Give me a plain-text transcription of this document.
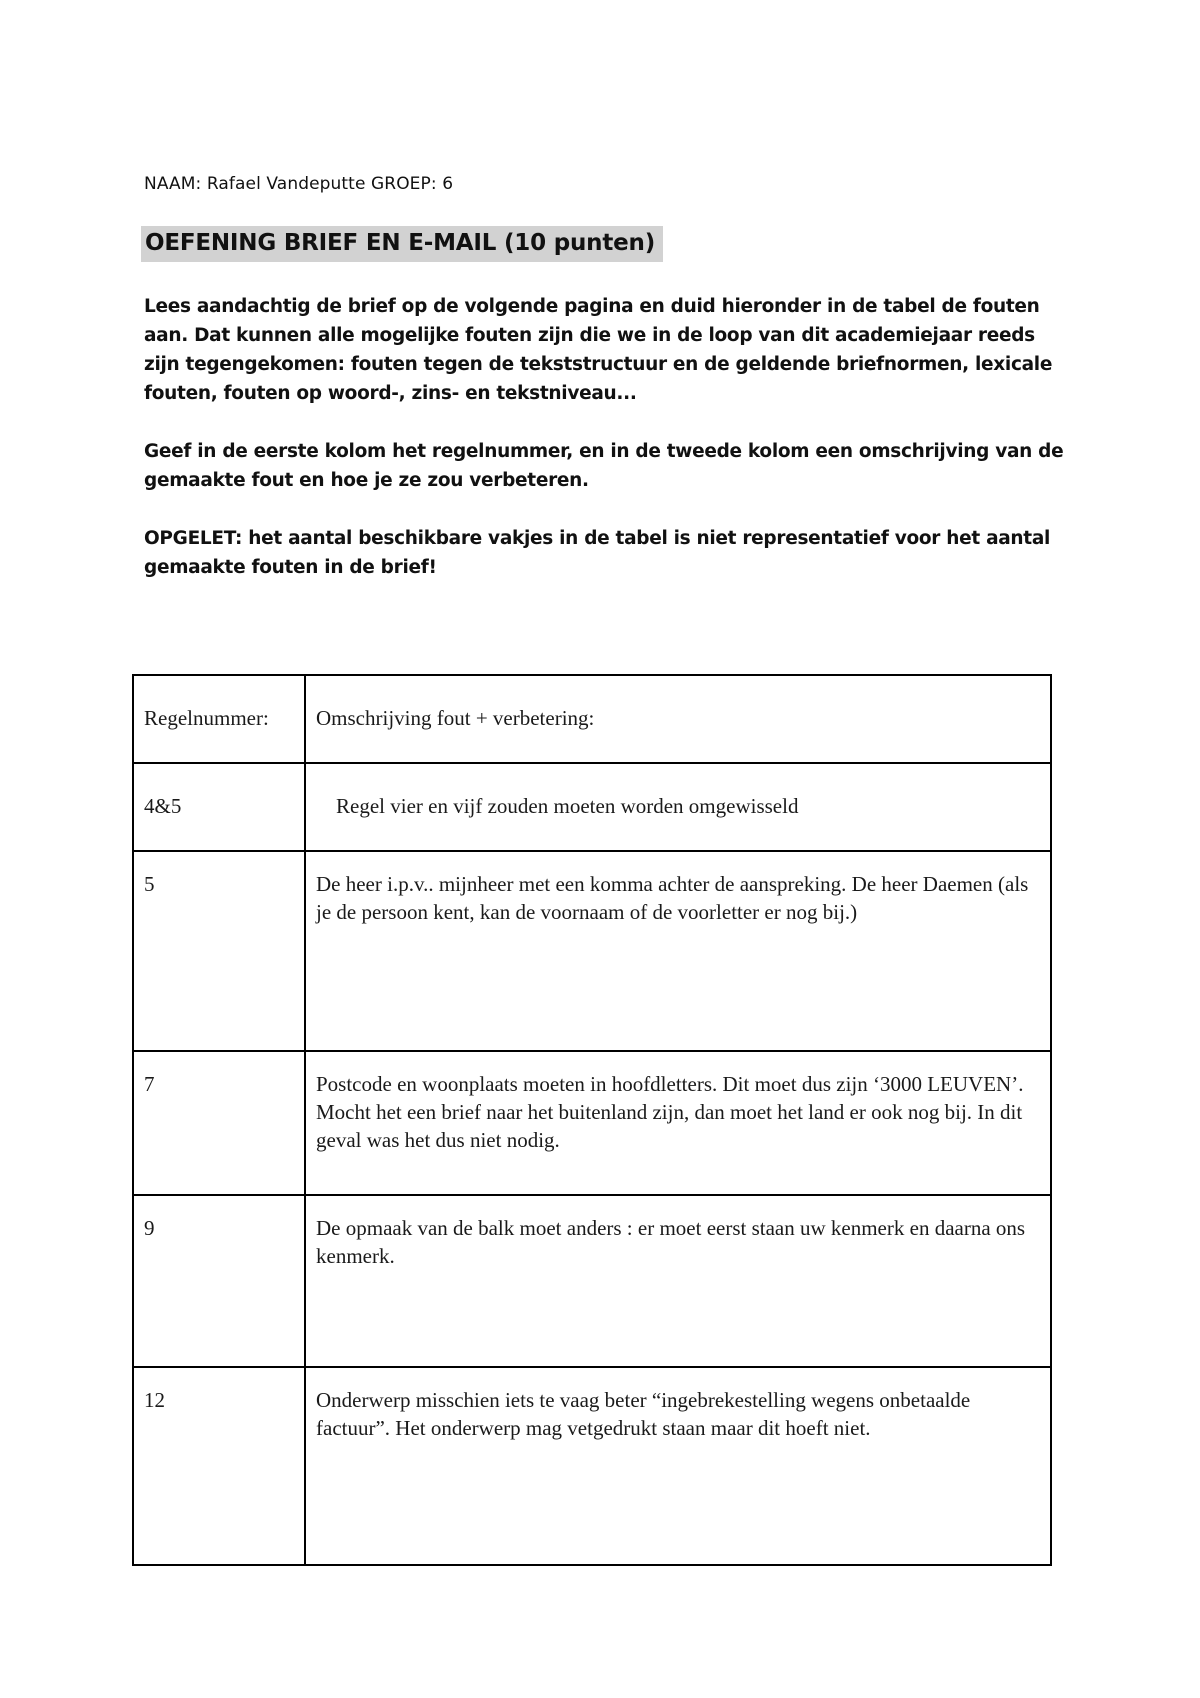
NAAM: Rafael Vandeputte GROEP: 6
OEFENING BRIEF EN E-MAIL (10 punten)

Lees aandachtig de brief op de volgende pagina en duid hieronder in de tabel de fouten aan. Dat kunnen alle mogelijke fouten zijn die we in de loop van dit academiejaar reeds zijn tegengekomen: fouten tegen de tekststructuur en de geldende briefnormen, lexicale fouten, fouten op woord-, zins- en tekstniveau...

Geef in de eerste kolom het regelnummer, en in de tweede kolom een omschrijving van de gemaakte fout en hoe je ze zou verbeteren.

OPGELET: het aantal beschikbare vakjes in de tabel is niet representatief voor het aantal gemaakte fouten in de brief!

Regelnummer:	Omschrijving fout + verbetering:

4&5	Regel vier en vijf zouden moeten worden omgewisseld

5	De heer i.p.v.. mijnheer met een komma achter de aanspreking. De heer Daemen (als je de persoon kent, kan de voornaam of de voorletter er nog bij.)

7	Postcode en woonplaats moeten in hoofdletters. Dit moet dus zijn ‘3000 LEUVEN’. Mocht het een brief naar het buitenland zijn, dan moet het land er ook nog bij. In dit geval was het dus niet nodig.

9	De opmaak van de balk moet anders : er moet eerst staan uw kenmerk en daarna ons kenmerk.

12	Onderwerp misschien iets te vaag beter “ingebrekestelling wegens onbetaalde factuur”. Het onderwerp mag vetgedrukt staan maar dit hoeft niet.
